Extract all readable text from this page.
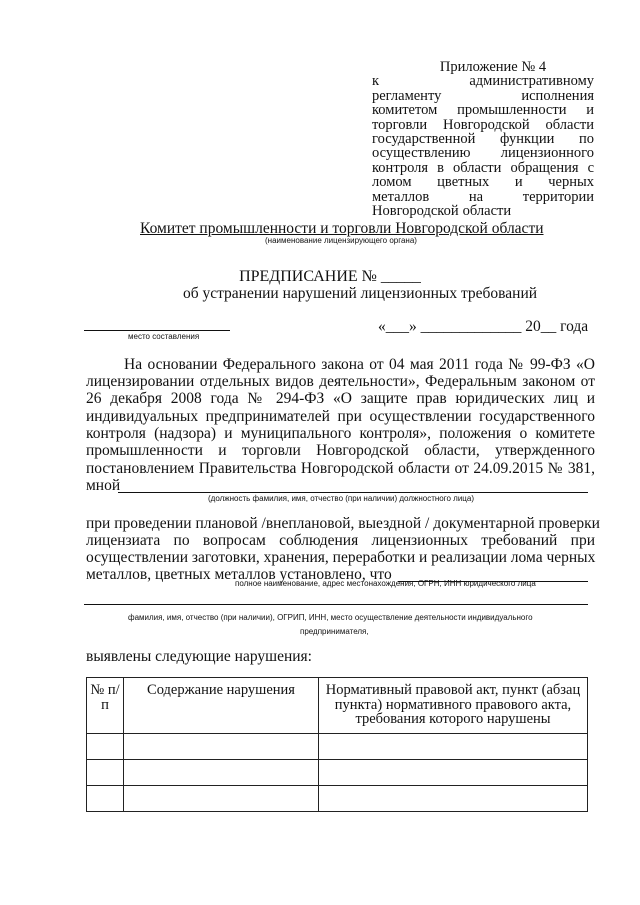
Приложение № 4
к	административному
регламенту	исполнения
комитетом промышленности и
торговли Новгородской области
государственной функции по
осуществлению лицензионного
контроля в области обращения с
ломом цветных и черных
металлов	на	территории
Новгородской области
Комитет промышленности и торговли Новгородской области
(наименование лицензирующего органа)
ПРЕДПИСАНИЕ № _____
об устранении нарушений лицензионных требований
место составления
«___» _____________ 20__ года
На основании Федерального закона от 04 мая 2011 года № 99-ФЗ «О
лицензировании отдельных видов деятельности», Федеральным законом от
26 декабря 2008 года № 294-ФЗ «О защите прав юридических лиц и
индивидуальных предпринимателей при осуществлении государственного
контроля (надзора) и муниципального контроля», положения о комитете
промышленности и торговли Новгородской области, утвержденного
постановлением Правительства Новгородской области от 24.09.2015 № 381,
мной
(должность фамилия, имя, отчество (при наличии) должностного лица)
при проведении плановой /внеплановой, выездной / документарной проверки
лицензиата по вопросам соблюдения лицензионных требований при
осуществлении заготовки, хранения, переработки и реализации лома черных
металлов, цветных металлов установлено, что
полное наименование, адрес местонахождения, ОГРН, ИНН юридического лица
фамилия, имя, отчество (при наличии), ОГРИП, ИНН, место осуществление деятельности индивидуального
предпринимателя,
выявлены следующие нарушения:
№ п/п	Содержание нарушения	Нормативный правовой акт, пункт (абзац пункта) нормативного правового акта, требования которого нарушены
